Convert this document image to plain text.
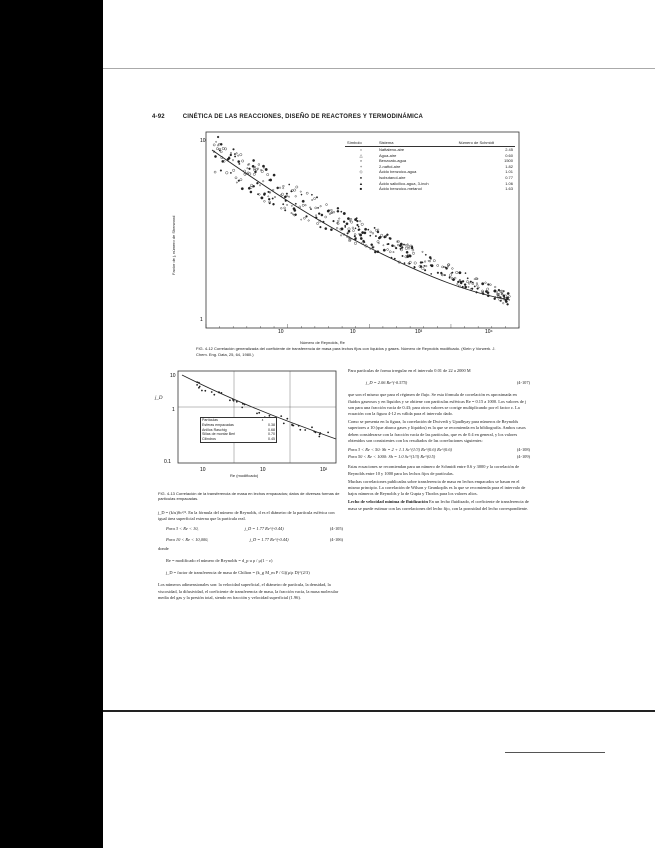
4-92	CINÉTICA DE LAS REACCIONES, DISEÑO DE REACTORES Y TERMODINÁMICA
1
10
10	10	10³	10⁴
Factor de j, número de Sherwood
Número de Reynolds, Re
Símbolo	Sistema	Número de Schmidt
○	Naftaleno-aire	2.45
△	Agua-aire	0.60
×	Benzoato-agua	1500
+	2-naftol-aire	1.82
◇	Ácido benzoico-agua	1.01
●	Isobutanol-aire	0.77
▲	Ácido salicílico-agua, 3-inch	1.06
■	Ácido benzoico-metanol	1.63
FIG. 4-12 Correlación generalizada del coeficiente de transferencia de masa para lechos fijos con líquidos y gases. Número de Reynolds modificado. (Klein y Vorwerk. J. Chem. Eng. Data, 25, 64, 1980.)
10
1
0.1
10	10	10²
j_D
Re (modificado)
Partículas	ε
Esferas empacadas	0.38
Anillos Raschig	0.68
Sillas de montar Berl	0.70
Cilindros	0.45
FIG. 4-13 Correlación de la transferencia de masa en lechos empacados; datos de diversas formas de partículas empacadas.

j_D = (k/u)Sc²/³. En la fórmula del número de Reynolds, d es el diámetro de la partícula esférica con igual área superficial externa que la partícula real.

Para 3 < Re < 10,	j_D = 1.77 Re^(-0.44)	(4-105)
Para 10 < Re < 10,000,	j_D = 1.77 Re^(-0.44)	(4-106)

donde

Re = modificado el número de Reynolds = d_p u ρ / μ(1 − ε)
j_D = factor de transferencia de masa de Chilton = (k_g M_m P / G)(μ/ρ D)^(2/3)

Los números adimensionales son: la velocidad superficial, el diámetro de partícula, la densidad, la viscosidad, la difusividad, el coeficiente de transferencia de masa, la fracción vacía, la masa molecular media del gas y la presión total, siendo en fracción y velocidad superficial (1.96).

Para partículas de forma irregular en el intervalo 0.01 de 22 a 2000 M

j_D = 2.06 Re^(-0.575)	(4-107)

que son el mismo que para el régimen de flujo. Se esta fórmula de correlación es aproximada en fluidos gaseosos y en líquidos y se obtiene con partículas esféricas Re = 0.15 a 1000. Los valores de j son para una fracción vacía de 0.43; para otros valores se corrige multiplicando por el factor ε. La ecuación con la figura 4-12 es válida para el intervalo dado.

Como se presenta en la figura, la correlación de Dwivedi y Upadhyay para números de Reynolds superiores a 10 (que abarca gases y líquidos) es la que se recomienda en la bibliografía. Ambos casos deben considerarse con la fracción vacía de las partículas, que es de 0.4 en general, y los valores obtenidos son consistentes con los resultados de las correlaciones siguientes:

Para 3 < Re < 50: Sh = 2 + 1.1 Sc^(1/3) Re^(0.6) Re^(0.6)	(4-108)
Para 50 < Re < 1000: Sh = 1.0 Sc^(1/3) Re^(0.5)	(4-109)

Estas ecuaciones se recomiendan para un número de Schmidt entre 0.6 y 3000 y la correlación de Reynolds entre 10 y 1000 para los lechos fijos de partículas.

Muchas correlaciones publicadas sobre transferencia de masa en lechos empacados se basan en el mismo principio. La correlación de Wilson y Geankoplis es la que se recomienda para el intervalo de bajos números de Reynolds y la de Gupta y Thodos para los valores altos.

Lecho de velocidad mínima de fluidización En un lecho fluidizado, el coeficiente de transferencia de masa se puede estimar con las correlaciones del lecho fijo, con la porosidad del lecho correspondiente.
